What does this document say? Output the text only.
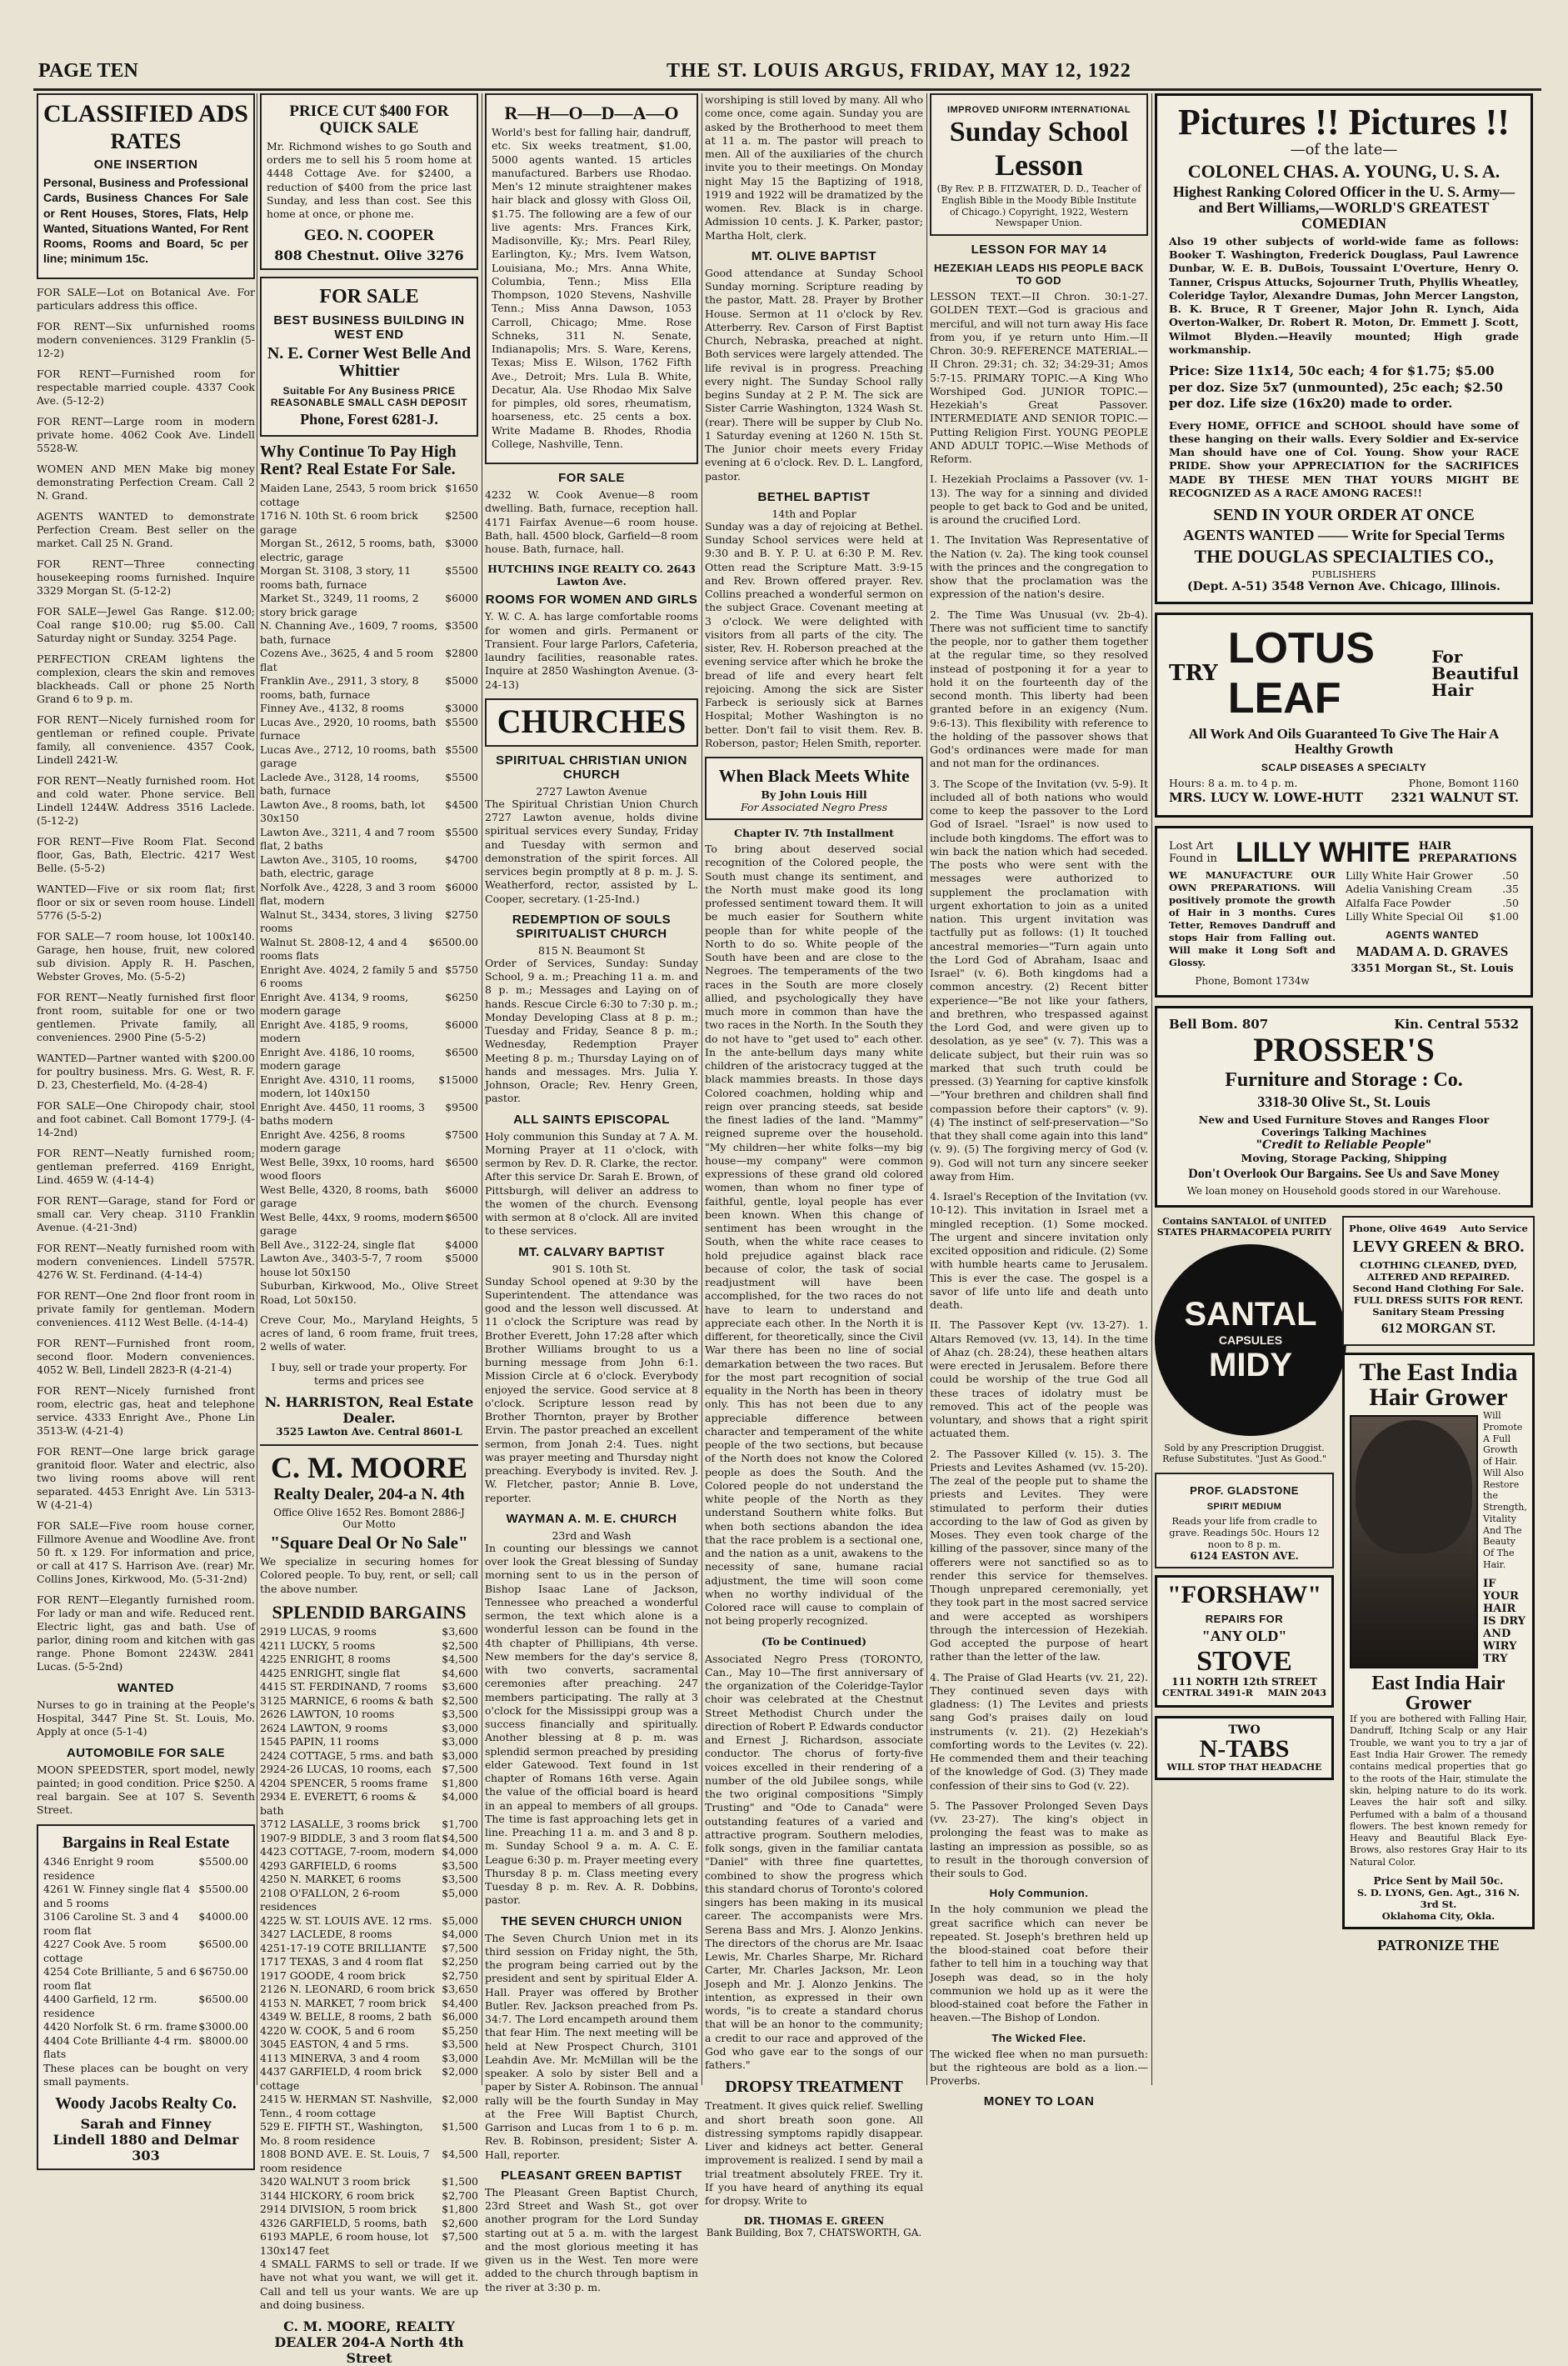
PAGE TEN	THE ST. LOUIS ARGUS, FRIDAY, MAY 12, 1922
CLASSIFIED ADS
RATES
ONE INSERTION
Personal, Business and Professional Cards, Business Chances For Sale or Rent Houses, Stores, Flats, Help Wanted, Situations Wanted, For Rent Rooms, Rooms and Board, 5c per line; minimum 15c.
FOR SALE—Lot on Botanical Ave. For particulars address this office.
FOR RENT—Six unfurnished rooms modern conveniences. 3129 Franklin (5-12-2)
FOR RENT—Furnished room for respectable married couple. 4337 Cook Ave. (5-12-2)
FOR RENT—Large room in modern private home. 4062 Cook Ave. Lindell 5528-W.
WOMEN AND MEN Make big money demonstrating Perfection Cream. Call 2 N. Grand.
AGENTS WANTED to demonstrate Perfection Cream. Best seller on the market. Call 25 N. Grand.
FOR RENT—Three connecting housekeeping rooms furnished. Inquire 3329 Morgan St. (5-12-2)
FOR SALE—Jewel Gas Range. $12.00; Coal range $10.00; rug $5.00. Call Saturday night or Sunday. 3254 Page.
PERFECTION CREAM lightens the complexion, clears the skin and removes blackheads. Call or phone 25 North Grand 6 to 9 p. m.
FOR RENT—Nicely furnished room for gentleman or refined couple. Private family, all convenience. 4357 Cook, Lindell 2421-W.
FOR RENT—Neatly furnished room. Hot and cold water. Phone service. Bell Lindell 1244W. Address 3516 Laclede. (5-12-2)
FOR RENT—Five Room Flat. Second floor, Gas, Bath, Electric. 4217 West Belle. (5-5-2)
WANTED—Five or six room flat; first floor or six or seven room house. Lindell 5776 (5-5-2)
FOR SALE—7 room house, lot 100x140. Garage, hen house, fruit, new colored sub division. Apply R. H. Paschen, Webster Groves, Mo. (5-5-2)
FOR RENT—Neatly furnished first floor front room, suitable for one or two gentlemen. Private family, all conveniences. 2900 Pine (5-5-2)
WANTED—Partner wanted with $200.00 for poultry business. Mrs. G. West, R. F. D. 23, Chesterfield, Mo. (4-28-4)
FOR SALE—One Chiropody chair, stool and foot cabinet. Call Bomont 1779-J. (4-14-2nd)
FOR RENT—Neatly furnished room; gentleman preferred. 4169 Enright, Lind. 4659 W. (4-14-4)
FOR RENT—Garage, stand for Ford or small car. Very cheap. 3110 Franklin Avenue. (4-21-3nd)
FOR RENT—Neatly furnished room with modern conveniences. Lindell 5757R. 4276 W. St. Ferdinand. (4-14-4)
FOR RENT—One 2nd floor front room in private family for gentleman. Modern conveniences. 4112 West Belle. (4-14-4)
FOR RENT—Furnished front room, second floor. Modern conveniences. 4052 W. Bell, Lindell 2823-R (4-21-4)
FOR RENT—Nicely furnished front room, electric gas, heat and telephone service. 4333 Enright Ave., Phone Lin 3513-W. (4-21-4)
FOR RENT—One large brick garage granitoid floor. Water and electric, also two living rooms above will rent separated. 4453 Enright Ave. Lin 5313-W (4-21-4)
FOR SALE—Five room house corner, Fillmore Avenue and Woodline Ave. front 50 ft. x 129. For information and price, or call at 417 S. Harrison Ave. (rear) Mr. Collins Jones, Kirkwood, Mo. (5-31-2nd)
FOR RENT—Elegantly furnished room. For lady or man and wife. Reduced rent. Electric light, gas and bath. Use of parlor, dining room and kitchen with gas range. Phone Bomont 2243W. 2841 Lucas. (5-5-2nd)
WANTED
Nurses to go in training at the People's Hospital, 3447 Pine St. St. Louis, Mo. Apply at once (5-1-4)
AUTOMOBILE FOR SALE
MOON SPEEDSTER, sport model, newly painted; in good condition. Price $250. A real bargain. See at 107 S. Seventh Street.
Bargains in Real Estate
4346 Enright 9 room residence
$5500.00
4261 W. Finney single flat 4 and 5 rooms
$5500.00
3106 Caroline St. 3 and 4 room flat
$4000.00
4227 Cook Ave. 5 room cottage
$6500.00
4254 Cote Brilliante, 5 and 6 room flat
$6750.00
4400 Garfield, 12 rm. residence
$6500.00
4420 Norfolk St. 6 rm. frame $3000.00
4404 Cote Brilliante 4-4 rm. flats
$8000.00
These places can be bought on very small payments.
Woody Jacobs Realty Co.
Sarah and Finney
Lindell 1880 and Delmar 303
PRICE CUT $400 FOR QUICK SALE
Mr. Richmond wishes to go South and orders me to sell his 5 room home at 4448 Cottage Ave. for $2400, a reduction of $400 from the price last Sunday, and less than cost. See this home at once, or phone me.
GEO. N. COOPER
808 Chestnut. Olive 3276
FOR SALE
BEST BUSINESS BUILDING IN WEST END
N. E. Corner West Belle And Whittier
Suitable For Any Business PRICE REASONABLE SMALL CASH DEPOSIT
Phone, Forest 6281-J.
Why Continue To Pay High Rent? Real Estate For Sale.
Maiden Lane, 2543, 5 room brick cottage
$1650
1716 N. 10th St. 6 room brick garage
$2500
Morgan St., 2612, 5 rooms, bath, electric, garage
$3000
Morgan St. 3108, 3 story, 11 rooms bath, furnace
$5500
Market St., 3249, 11 rooms, 2 story brick garage
$6000
N. Channing Ave., 1609, 7 rooms, bath, furnace
$3500
Cozens Ave., 3625, 4 and 5 room flat
$2800
Franklin Ave., 2911, 3 story, 8 rooms, bath, furnace
$5000
Finney Ave., 4132, 8 rooms	$3000
Lucas Ave., 2920, 10 rooms, bath furnace
$5500
Lucas Ave., 2712, 10 rooms, bath garage
$5500
Laclede Ave., 3128, 14 rooms, bath, furnace
$5500
Lawton Ave., 8 rooms, bath, lot 30x150
$4500
Lawton Ave., 3211, 4 and 7 room flat, 2 baths
$5500
Lawton Ave., 3105, 10 rooms, bath, electric, garage
$4700
Norfolk Ave., 4228, 3 and 3 room flat, modern
$6000
Walnut St., 3434, stores, 3 living rooms
$2750
Walnut St. 2808-12, 4 and 4 rooms flats
$6500.00
Enright Ave. 4024, 2 family 5 and 6 rooms
$5750
Enright Ave. 4134, 9 rooms, modern garage
$6250
Enright Ave. 4185, 9 rooms, modern
$6000
Enright Ave. 4186, 10 rooms, modern garage
$6500
Enright Ave. 4310, 11 rooms, modern, lot 140x150
$15000
Enright Ave. 4450, 11 rooms, 3 baths modern
$9500
Enright Ave. 4256, 8 rooms modern garage
$7500
West Belle, 39xx, 10 rooms, hard wood floors
$6500
West Belle, 4320, 8 rooms, bath garage
$6000
West Belle, 44xx, 9 rooms, modern garage
$6500
Bell Ave., 3122-24, single flat	$4000
Lawton Ave., 3403-5-7, 7 room house lot 50x150
$5000
Suburban, Kirkwood, Mo., Olive Street Road, Lot 50x150.
Creve Cour, Mo., Maryland Heights, 5 acres of land, 6 room frame, fruit trees, 2 wells of water.
I buy, sell or trade your property. For terms and prices see
N. HARRISTON, Real Estate Dealer.
3525 Lawton Ave. Central 8601-L
C. M. MOORE
Realty Dealer, 204-a N. 4th
Office Olive 1652 Res. Bomont 2886-J
Our Motto
"Square Deal Or No Sale"
We specialize in securing homes for Colored people. To buy, rent, or sell; call the above number.
SPLENDID BARGAINS
2919 LUCAS, 9 rooms	$3,600
4211 LUCKY, 5 rooms	$2,500
4225 ENRIGHT, 8 rooms	$4,500
4425 ENRIGHT, single flat	$4,600
4415 ST. FERDINAND, 7 rooms $3,600
3125 MARNICE, 6 rooms & bath $2,500
2626 LAWTON, 10 rooms	$3,500
2624 LAWTON, 9 rooms	$3,000
1545 PAPIN, 11 rooms	$3,000
2424 COTTAGE, 5 rms. and bath $3,000
2924-26 LUCAS, 10 rooms, each $7,500
4204 SPENCER, 5 rooms frame $1,800
2934 E. EVERETT, 6 rooms & bath
$4,000
3712 LASALLE, 3 rooms brick $1,700
1907-9 BIDDLE, 3 and 3 room flat $4,500
4423 COTTAGE, 7-room, modern $4,000
4293 GARFIELD, 6 rooms	$3,500
4250 N. MARKET, 6 rooms	$3,500
2108 O'FALLON, 2 6-room residences
$5,000
4225 W. ST. LOUIS AVE. 12 rms. $5,000
3427 LACLEDE, 8 rooms	$4,000
4251-17-19 COTE BRILLIANTE $7,500
1717 TEXAS, 3 and 4 room flat $2,250
1917 GOODE, 4 room brick	$2,750
2126 N. LEONARD, 6 room brick $3,650
4153 N. MARKET, 7 room brick $4,400
4349 W. BELLE, 8 rooms, 2 bath $6,000
4220 W. COOK, 5 and 6 room	$5,250
3045 EASTON, 4 and 5 rms.	$3,500
4113 MINERVA, 3 and 4 room $3,000
4437 GARFIELD, 4 room brick cottage
$2,000
2415 W. HERMAN ST. Nashville, Tenn., 4 room cottage
$2,000
529 E. FIFTH ST., Washington, Mo. 8 room residence
$1,500
1808 BOND AVE. E. St. Louis, 7 room residence
$4,500
3420 WALNUT 3 room brick	$1,500
3144 HICKORY, 6 room brick	$2,700
2914 DIVISION, 5 room brick $1,800
4326 GARFIELD, 5 rooms, bath $2,600
6193 MAPLE, 6 room house, lot 130x147 feet
$7,500
4 SMALL FARMS to sell or trade. If we have not what you want, we will get it. Call and tell us your wants. We are up and doing business.
C. M. MOORE, REALTY DEALER 204-A North 4th Street
R—H—O—D—A—O
World's best for falling hair, dandruff, etc. Six weeks treatment, $1.00, 5000 agents wanted. 15 articles manufactured. Barbers use Rhodao. Men's 12 minute straightener makes hair black and glossy with Gloss Oil, $1.75. The following are a few of our live agents: Mrs. Frances Kirk, Madisonville, Ky.; Mrs. Pearl Riley, Earlington, Ky.; Mrs. Ivem Watson, Louisiana, Mo.; Mrs. Anna White, Columbia, Tenn.; Miss Ella Thompson, 1020 Stevens, Nashville Tenn.; Miss Anna Dawson, 1053 Carroll, Chicago; Mme. Rose Schneks, 311 N. Senate, Indianapolis; Mrs. S. Ware, Kerens, Texas; Miss E. Wilson, 1762 Fifth Ave., Detroit; Mrs. Lula B. White, Decatur, Ala. Use Rhodao Mix Salve for pimples, old sores, rheumatism, hoarseness, etc. 25 cents a box. Write Madame B. Rhodes, Rhodia College, Nashville, Tenn.
FOR SALE
4232 W. Cook Avenue—8 room dwelling. Bath, furnace, reception hall. 4171 Fairfax Avenue—6 room house. Bath, hall. 4500 block, Garfield—8 room house. Bath, furnace, hall.
HUTCHINS INGE REALTY CO. 2643 Lawton Ave.
ROOMS FOR WOMEN AND GIRLS
Y. W. C. A. has large comfortable rooms for women and girls. Permanent or Transient. Four large Parlors, Cafeteria, laundry facilities, reasonable rates. Inquire at 2850 Washington Avenue. (3-24-13)
CHURCHES
SPIRITUAL CHRISTIAN UNION CHURCH
2727 Lawton Avenue
The Spiritual Christian Union Church 2727 Lawton avenue, holds divine spiritual services every Sunday, Friday and Tuesday with sermon and demonstration of the spirit forces. All services begin promptly at 8 p. m. J. S. Weatherford, rector, assisted by L. Cooper, secretary. (1-25-Ind.)
REDEMPTION OF SOULS SPIRITUALIST CHURCH
815 N. Beaumont St
Order of Services, Sunday: Sunday School, 9 a. m.; Preaching 11 a. m. and 8 p. m.; Messages and Laying on of hands. Rescue Circle 6:30 to 7:30 p. m.; Monday Developing Class at 8 p. m.; Tuesday and Friday, Seance 8 p. m.; Wednesday, Redemption Prayer Meeting 8 p. m.; Thursday Laying on of hands and messages. Mrs. Julia Y. Johnson, Oracle; Rev. Henry Green, pastor.
ALL SAINTS EPISCOPAL
Holy communion this Sunday at 7 A. M. Morning Prayer at 11 o'clock, with sermon by Rev. D. R. Clarke, the rector. After this service Dr. Sarah E. Brown, of Pittsburgh, will deliver an address to the women of the church. Evensong with sermon at 8 o'clock. All are invited to these services.
MT. CALVARY BAPTIST
901 S. 10th St.
Sunday School opened at 9:30 by the Superintendent. The attendance was good and the lesson well discussed. At 11 o'clock the Scripture was read by Brother Everett, John 17:28 after which Brother Williams brought to us a burning message from John 6:1. Mission Circle at 6 o'clock. Everybody enjoyed the service. Good service at 8 o'clock. Scripture lesson read by Brother Thornton, prayer by Brother Ervin. The pastor preached an excellent sermon, from Jonah 2:4. Tues. night was prayer meeting and Thursday night preaching. Everybody is invited. Rev. J. W. Fletcher, pastor; Annie B. Love, reporter.
WAYMAN A. M. E. CHURCH
23rd and Wash
In counting our blessings we cannot over look the Great blessing of Sunday morning sent to us in the person of Bishop Isaac Lane of Jackson, Tennessee who preached a wonderful sermon, the text which alone is a wonderful lesson can be found in the 4th chapter of Phillipians, 4th verse. New members for the day's service 8, with two converts, sacramental ceremonies after preaching. 247 members participating. The rally at 3 o'clock for the Mississippi group was a success financially and spiritually. Another blessing at 8 p. m. was splendid sermon preached by presiding elder Gatewood. Text found in 1st chapter of Romans 16th verse. Again the value of the official board is heard in an appeal to members of all groups. The time is fast approaching lets get in line. Preaching 11 a. m. and 3 and 8 p. m. Sunday School 9 a. m. A. C. E. League 6:30 p. m. Prayer meeting every Thursday 8 p. m. Class meeting every Tuesday 8 p. m. Rev. A. R. Dobbins, pastor.
THE SEVEN CHURCH UNION
The Seven Church Union met in its third session on Friday night, the 5th, the program being carried out by the president and sent by spiritual Elder A. Hall. Prayer was offered by Brother Butler. Rev. Jackson preached from Ps. 34:7. The Lord encampeth around them that fear Him. The next meeting will be held at New Prospect Church, 3101 Leahdin Ave. Mr. McMillan will be the speaker. A solo by sister Bell and a paper by Sister A. Robinson. The annual rally will be the fourth Sunday in May at the Free Will Baptist Church, Garrison and Lucas from 1 to 6 p. m. Rev. B. Robinson, president; Sister A. Hall, reporter.
PLEASANT GREEN BAPTIST
The Pleasant Green Baptist Church, 23rd Street and Wash St., got over another program for the Lord Sunday starting out at 5 a. m. with the largest and the most glorious meeting it has given us in the West. Ten more were added to the church through baptism in the river at 3:30 p. m.
worshiping is still loved by many. All who come once, come again. Sunday you are asked by the Brotherhood to meet them at 11 a. m. The pastor will preach to men. All of the auxiliaries of the church invite you to their meetings. On Monday night May 15 the Baptizing of 1918, 1919 and 1922 will be dramatized by the women. Rev. Black is in charge. Admission 10 cents. J. K. Parker, pastor; Martha Holt, clerk.
MT. OLIVE BAPTIST
Good attendance at Sunday School Sunday morning. Scripture reading by the pastor, Matt. 28. Prayer by Brother House. Sermon at 11 o'clock by Rev. Atterberry. Rev. Carson of First Baptist Church, Nebraska, preached at night. Both services were largely attended. The life revival is in progress. Preaching every night. The Sunday School rally begins Sunday at 2 P. M. The sick are Sister Carrie Washington, 1324 Wash St. (rear). There will be supper by Club No. 1 Saturday evening at 1260 N. 15th St. The Junior choir meets every Friday evening at 6 o'clock. Rev. D. L. Langford, pastor.
BETHEL BAPTIST
14th and Poplar
Sunday was a day of rejoicing at Bethel. Sunday School services were held at 9:30 and B. Y. P. U. at 6:30 P. M. Rev. Otten read the Scripture Matt. 3:9-15 and Rev. Brown offered prayer. Rev. Collins preached a wonderful sermon on the subject Grace. Covenant meeting at 3 o'clock. We were delighted with visitors from all parts of the city. The sister, Rev. H. Roberson preached at the evening service after which he broke the bread of life and every heart felt rejoicing. Among the sick are Sister Farbeck is seriously sick at Barnes Hospital; Mother Washington is no better. Don't fail to visit them. Rev. B. Roberson, pastor; Helen Smith, reporter.
When Black Meets White
By John Louis Hill
For Associated Negro Press
Chapter IV. 7th Installment
To bring about deserved social recognition of the Colored people, the South must change its sentiment, and the North must make good its long professed sentiment toward them. It will be much easier for Southern white people than for white people of the North to do so. White people of the South have been and are close to the Negroes. The temperaments of the two races in the South are more closely allied, and psychologically they have much more in common than have the two races in the North. In the South they do not have to "get used to" each other. In the ante-bellum days many white children of the aristocracy tugged at the black mammies breasts. In those days Colored coachmen, holding whip and reign over prancing steeds, sat beside the finest ladies of the land. "Mammy" reigned supreme over the household. "My children—her white folks—my big house—my company" were common expressions of these grand old colored women, than whom no finer type of faithful, gentle, loyal people has ever been known. When this change of sentiment has been wrought in the South, when the white race ceases to hold prejudice against black race because of color, the task of social readjustment will have been accomplished, for the two races do not have to learn to understand and appreciate each other. In the North it is different, for theoretically, since the Civil War there has been no line of social demarkation between the two races. But for the most part recognition of social equality in the North has been in theory only. This has not been due to any appreciable difference between character and temperament of the white people of the two sections, but because of the North does not know the Colored people as does the South. And the Colored people do not understand the white people of the North as they understand Southern white folks. But when both sections abandon the idea that the race problem is a sectional one, and the nation as a unit, awakens to the necessity of sane, humane racial adjustment, the time will soon come when no worthy individual of the Colored race will cause to complain of not being properly recognized.
(To be Continued)
Associated Negro Press (TORONTO, Can., May 10—The first anniversary of the organization of the Coleridge-Taylor choir was celebrated at the Chestnut Street Methodist Church under the direction of Robert P. Edwards conductor and Ernest J. Richardson, associate conductor. The chorus of forty-five voices excelled in their rendering of a number of the old Jubilee songs, while the two original compositions "Simply Trusting" and "Ode to Canada" were outstanding features of a varied and attractive program. Southern melodies, folk songs, given in the familiar cantata "Daniel" with three fine quartettes, combined to show the progress which this standard chorus of Toronto's colored singers has been making in its musical career. The accompanists were Mrs. Serena Bass and Mrs. J. Alonzo Jenkins. The directors of the chorus are Mr. Isaac Lewis, Mr. Charles Sharpe, Mr. Richard Carter, Mr. Charles Jackson, Mr. Leon Joseph and Mr. J. Alonzo Jenkins. The intention, as expressed in their own words, "is to create a standard chorus that will be an honor to the community; a credit to our race and approved of the God who gave ear to the songs of our fathers."
DROPSY TREATMENT
Treatment. It gives quick relief. Swelling and short breath soon gone. All distressing symptoms rapidly disappear. Liver and kidneys act better. General improvement is realized. I send by mail a trial treatment absolutely FREE. Try it. If you have heard of anything its equal for dropsy. Write to
DR. THOMAS E. GREEN
Bank Building, Box 7, CHATSWORTH, GA.
IMPROVED UNIFORM INTERNATIONAL
Sunday School
Lesson
(By Rev. P. B. FITZWATER, D. D., Teacher of English Bible in the Moody Bible Institute of Chicago.) Copyright, 1922, Western Newspaper Union.
LESSON FOR MAY 14
HEZEKIAH LEADS HIS PEOPLE BACK TO GOD
LESSON TEXT.—II Chron. 30:1-27. GOLDEN TEXT.—God is gracious and merciful, and will not turn away His face from you, if ye return unto Him.—II Chron. 30:9. REFERENCE MATERIAL.—II Chron. 29:31; ch. 32; 34:29-31; Amos 5:7-15. PRIMARY TOPIC.—A King Who Worshiped God. JUNIOR TOPIC.—Hezekiah's Great Passover. INTERMEDIATE AND SENIOR TOPIC.—Putting Religion First. YOUNG PEOPLE AND ADULT TOPIC.—Wise Methods of Reform.
I. Hezekiah Proclaims a Passover (vv. 1-13). The way for a sinning and divided people to get back to God and be united, is around the crucified Lord.
1. The Invitation Was Representative of the Nation (v. 2a). The king took counsel with the princes and the congregation to show that the proclamation was the expression of the nation's desire.
2. The Time Was Unusual (vv. 2b-4). There was not sufficient time to sanctify the people, nor to gather them together at the regular time, so they resolved instead of postponing it for a year to hold it on the fourteenth day of the second month. This liberty had been granted before in an exigency (Num. 9:6-13). This flexibility with reference to the holding of the passover shows that God's ordinances were made for man and not man for the ordinances.
3. The Scope of the Invitation (vv. 5-9). It included all of both nations who would come to keep the passover to the Lord God of Israel. "Israel" is now used to include both kingdoms. The effort was to win back the nation which had seceded. The posts who were sent with the messages were authorized to supplement the proclamation with urgent exhortation to join as a united nation. This urgent invitation was tactfully put as follows: (1) It touched ancestral memories—"Turn again unto the Lord God of Abraham, Isaac and Israel" (v. 6). Both kingdoms had a common ancestry. (2) Recent bitter experience—"Be not like your fathers, and brethren, who trespassed against the Lord God, and were given up to desolation, as ye see" (v. 7). This was a delicate subject, but their ruin was so marked that such truth could be pressed. (3) Yearning for captive kinsfolk—"Your brethren and children shall find compassion before their captors" (v. 9). (4) The instinct of self-preservation—"So that they shall come again into this land" (v. 9). (5) The forgiving mercy of God (v. 9). God will not turn any sincere seeker away from Him.
4. Israel's Reception of the Invitation (vv. 10-12). This invitation in Israel met a mingled reception. (1) Some mocked. The urgent and sincere invitation only excited opposition and ridicule. (2) Some with humble hearts came to Jerusalem. This is ever the case. The gospel is a savor of life unto life and death unto death.
II. The Passover Kept (vv. 13-27). 1. Altars Removed (vv. 13, 14). In the time of Ahaz (ch. 28:24), these heathen altars were erected in Jerusalem. Before there could be worship of the true God all these traces of idolatry must be removed. This act of the people was voluntary, and shows that a right spirit actuated them.
2. The Passover Killed (v. 15). 3. The Priests and Levites Ashamed (vv. 15-20). The zeal of the people put to shame the priests and Levites. They were stimulated to perform their duties according to the law of God as given by Moses. They even took charge of the killing of the passover, since many of the offerers were not sanctified so as to render this service for themselves. Though unprepared ceremonially, yet they took part in the most sacred service and were accepted as worshipers through the intercession of Hezekiah. God accepted the purpose of heart rather than the letter of the law.
4. The Praise of Glad Hearts (vv. 21, 22). They continued seven days with gladness: (1) The Levites and priests sang God's praises daily on loud instruments (v. 21). (2) Hezekiah's comforting words to the Levites (v. 22). He commended them and their teaching of the knowledge of God. (3) They made confession of their sins to God (v. 22).
5. The Passover Prolonged Seven Days (vv. 23-27). The king's object in prolonging the feast was to make as lasting an impression as possible, so as to result in the thorough conversion of their souls to God.
Holy Communion.
In the holy communion we plead the great sacrifice which can never be repeated. St. Joseph's brethren held up the blood-stained coat before their father to tell him in a touching way that Joseph was dead, so in the holy communion we hold up as it were the blood-stained coat before the Father in heaven.—The Bishop of London.
The Wicked Flee.
The wicked flee when no man pursueth: but the righteous are bold as a lion.—Proverbs.
MONEY TO LOAN
Pictures !! Pictures !!
—of the late—
COLONEL CHAS. A. YOUNG, U. S. A.
Highest Ranking Colored Officer in the U. S. Army—and Bert Williams,—WORLD'S GREATEST COMEDIAN
Also 19 other subjects of world-wide fame as follows: Booker T. Washington, Frederick Douglass, Paul Lawrence Dunbar, W. E. B. DuBois, Toussaint L'Overture, Henry O. Tanner, Crispus Attucks, Sojourner Truth, Phyllis Wheatley, Coleridge Taylor, Alexandre Dumas, John Mercer Langston, B. K. Bruce, R T Greener, Major John R. Lynch, Aida Overton-Walker, Dr. Robert R. Moton, Dr. Emmett J. Scott, Wilmot Blyden.—Heavily mounted; High grade workmanship.
Price: Size 11x14, 50c each; 4 for $1.75; $5.00 per doz. Size 5x7 (unmounted), 25c each; $2.50 per doz. Life size (16x20) made to order.
Every HOME, OFFICE and SCHOOL should have some of these hanging on their walls. Every Soldier and Ex-service Man should have one of Col. Young. Show your RACE PRIDE. Show your APPRECIATION for the SACRIFICES MADE BY THESE MEN THAT YOURS MIGHT BE RECOGNIZED AS A RACE AMONG RACES!!
SEND IN YOUR ORDER AT ONCE
AGENTS WANTED —— Write for Special Terms
THE DOUGLAS SPECIALTIES CO.,
PUBLISHERS
(Dept. A-51) 3548 Vernon Ave. Chicago, Illinois.
TRY
LOTUS LEAF
For Beautiful Hair
All Work And Oils Guaranteed To Give The Hair A Healthy Growth
SCALP DISEASES A SPECIALTY
Hours: 8 a. m. to 4 p. m.	Phone, Bomont 1160
MRS. LUCY W. LOWE-HUTT 2321 WALNUT ST.
Lost Art Found in LILLY WHITE HAIR PREPARATIONS
WE MANUFACTURE OUR OWN PREPARATIONS. Will positively promote the growth of Hair in 3 months. Cures Tetter, Removes Dandruff and stops Hair from Falling out. Will make it Long Soft and Glossy.
Phone, Bomont 1734w
Lilly White Hair Grower	.50
Adelia Vanishing Cream	.35
Alfalfa Face Powder	.50
Lilly White Special Oil $1.00
AGENTS WANTED
MADAM A. D. GRAVES
3351 Morgan St., St. Louis
Bell Bom. 807	Kin. Central 5532
PROSSER'S
Furniture and Storage : Co.
3318-30 Olive St., St. Louis
New and Used Furniture Stoves and Ranges Floor Coverings Talking Machines
"Credit to Reliable People"
Moving, Storage Packing, Shipping
Don't Overlook Our Bargains. See Us and Save Money
We loan money on Household goods stored in our Warehouse.
Contains SANTALOL of UNITED STATES PHARMACOPEIA PURITY
SANTAL
CAPSULES
MIDY
Sold by any Prescription Druggist. Refuse Substitutes. "Just As Good."
PROF. GLADSTONE
SPIRIT MEDIUM
Reads your life from cradle to grave. Readings 50c. Hours 12 noon to 8 p. m.
6124 EASTON AVE.
"FORSHAW"
REPAIRS FOR
"ANY OLD"
STOVE
111 NORTH 12th STREET
CENTRAL 3491-R MAIN 2043
TWO
N-TABS
WILL STOP THAT HEADACHE
Phone, Olive 4649 Auto Service
LEVY GREEN & BRO.
CLOTHING CLEANED, DYED, ALTERED AND REPAIRED. Second Hand Clothing For Sale. FULL DRESS SUITS FOR RENT. Sanitary Steam Pressing
612 MORGAN ST.
The East India Hair Grower
Will Promote A Full Growth of Hair. Will Also Restore the Strength, Vitality And The Beauty Of The Hair.
IF YOUR HAIR IS DRY AND WIRY TRY
East India Hair Grower
If you are bothered with Falling Hair, Dandruff, Itching Scalp or any Hair Trouble, we want you to try a jar of East India Hair Grower. The remedy contains medical properties that go to the roots of the Hair, stimulate the skin, helping nature to do its work. Leaves the hair soft and silky. Perfumed with a balm of a thousand flowers. The best known remedy for Heavy and Beautiful Black Eye-Brows, also restores Gray Hair to its Natural Color.
Price Sent by Mail 50c.
S. D. LYONS, Gen. Agt., 316 N. 3rd St.
Oklahoma City, Okla.
PATRONIZE THE
